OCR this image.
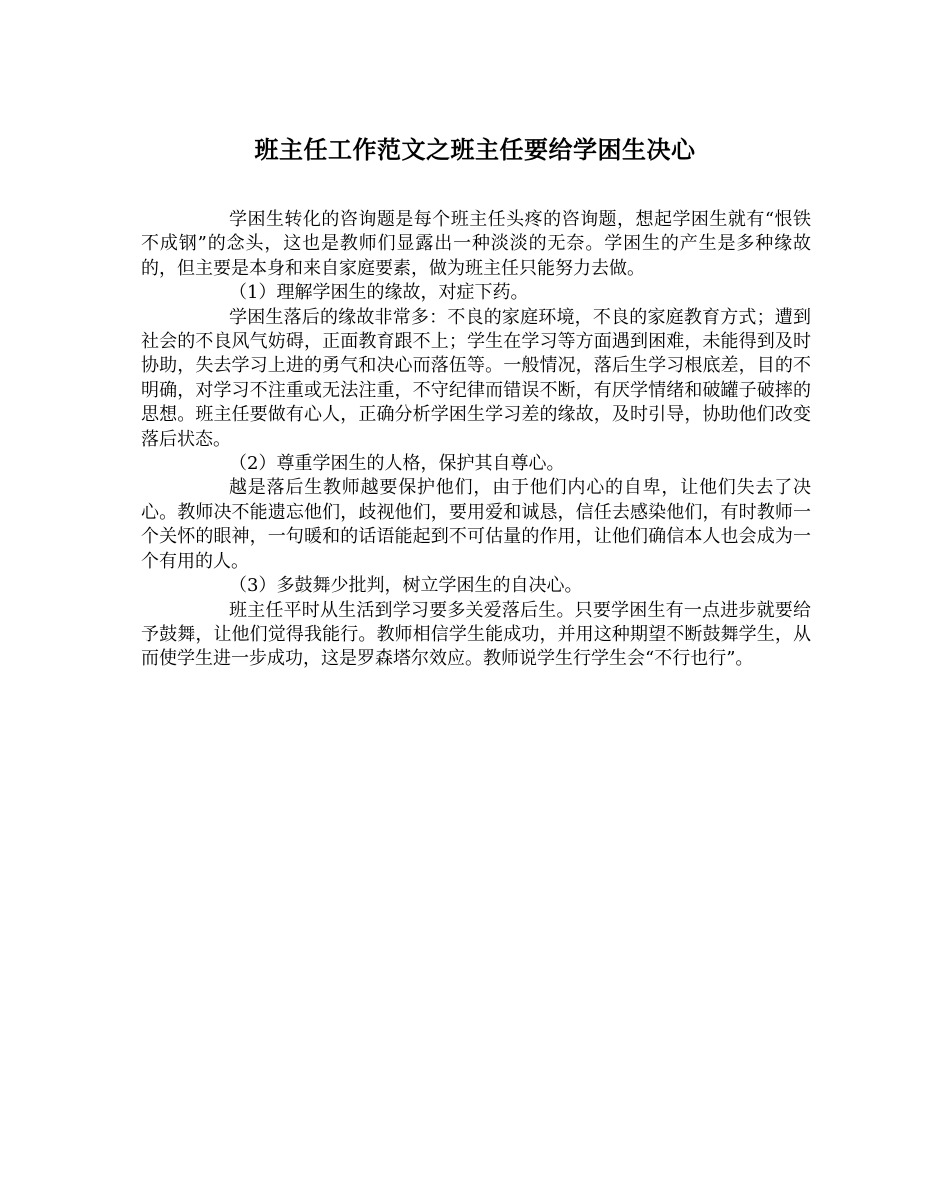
班主任工作范文之班主任要给学困生决心

学困生转化的咨询题是每个班主任头疼的咨询题，想起学困生就有“恨铁不成钢”的念头，这也是教师们显露出一种淡淡的无奈。学困生的产生是多种缘故的，但主要是本身和来自家庭要素，做为班主任只能努力去做。

（1）理解学困生的缘故，对症下药。

学困生落后的缘故非常多：不良的家庭环境，不良的家庭教育方式；遭到社会的不良风气妨碍，正面教育跟不上；学生在学习等方面遇到困难，未能得到及时协助，失去学习上进的勇气和决心而落伍等。一般情况，落后生学习根底差，目的不明确，对学习不注重或无法注重，不守纪律而错误不断，有厌学情绪和破罐子破摔的思想。班主任要做有心人，正确分析学困生学习差的缘故，及时引导，协助他们改变落后状态。

（2）尊重学困生的人格，保护其自尊心。

越是落后生教师越要保护他们，由于他们内心的自卑，让他们失去了决心。教师决不能遗忘他们，歧视他们，要用爱和诚恳，信任去感染他们，有时教师一个关怀的眼神，一句暖和的话语能起到不可估量的作用，让他们确信本人也会成为一个有用的人。

（3）多鼓舞少批判，树立学困生的自决心。

班主任平时从生活到学习要多关爱落后生。只要学困生有一点进步就要给予鼓舞，让他们觉得我能行。教师相信学生能成功，并用这种期望不断鼓舞学生，从而使学生进一步成功，这是罗森塔尔效应。教师说学生行学生会“不行也行”。
